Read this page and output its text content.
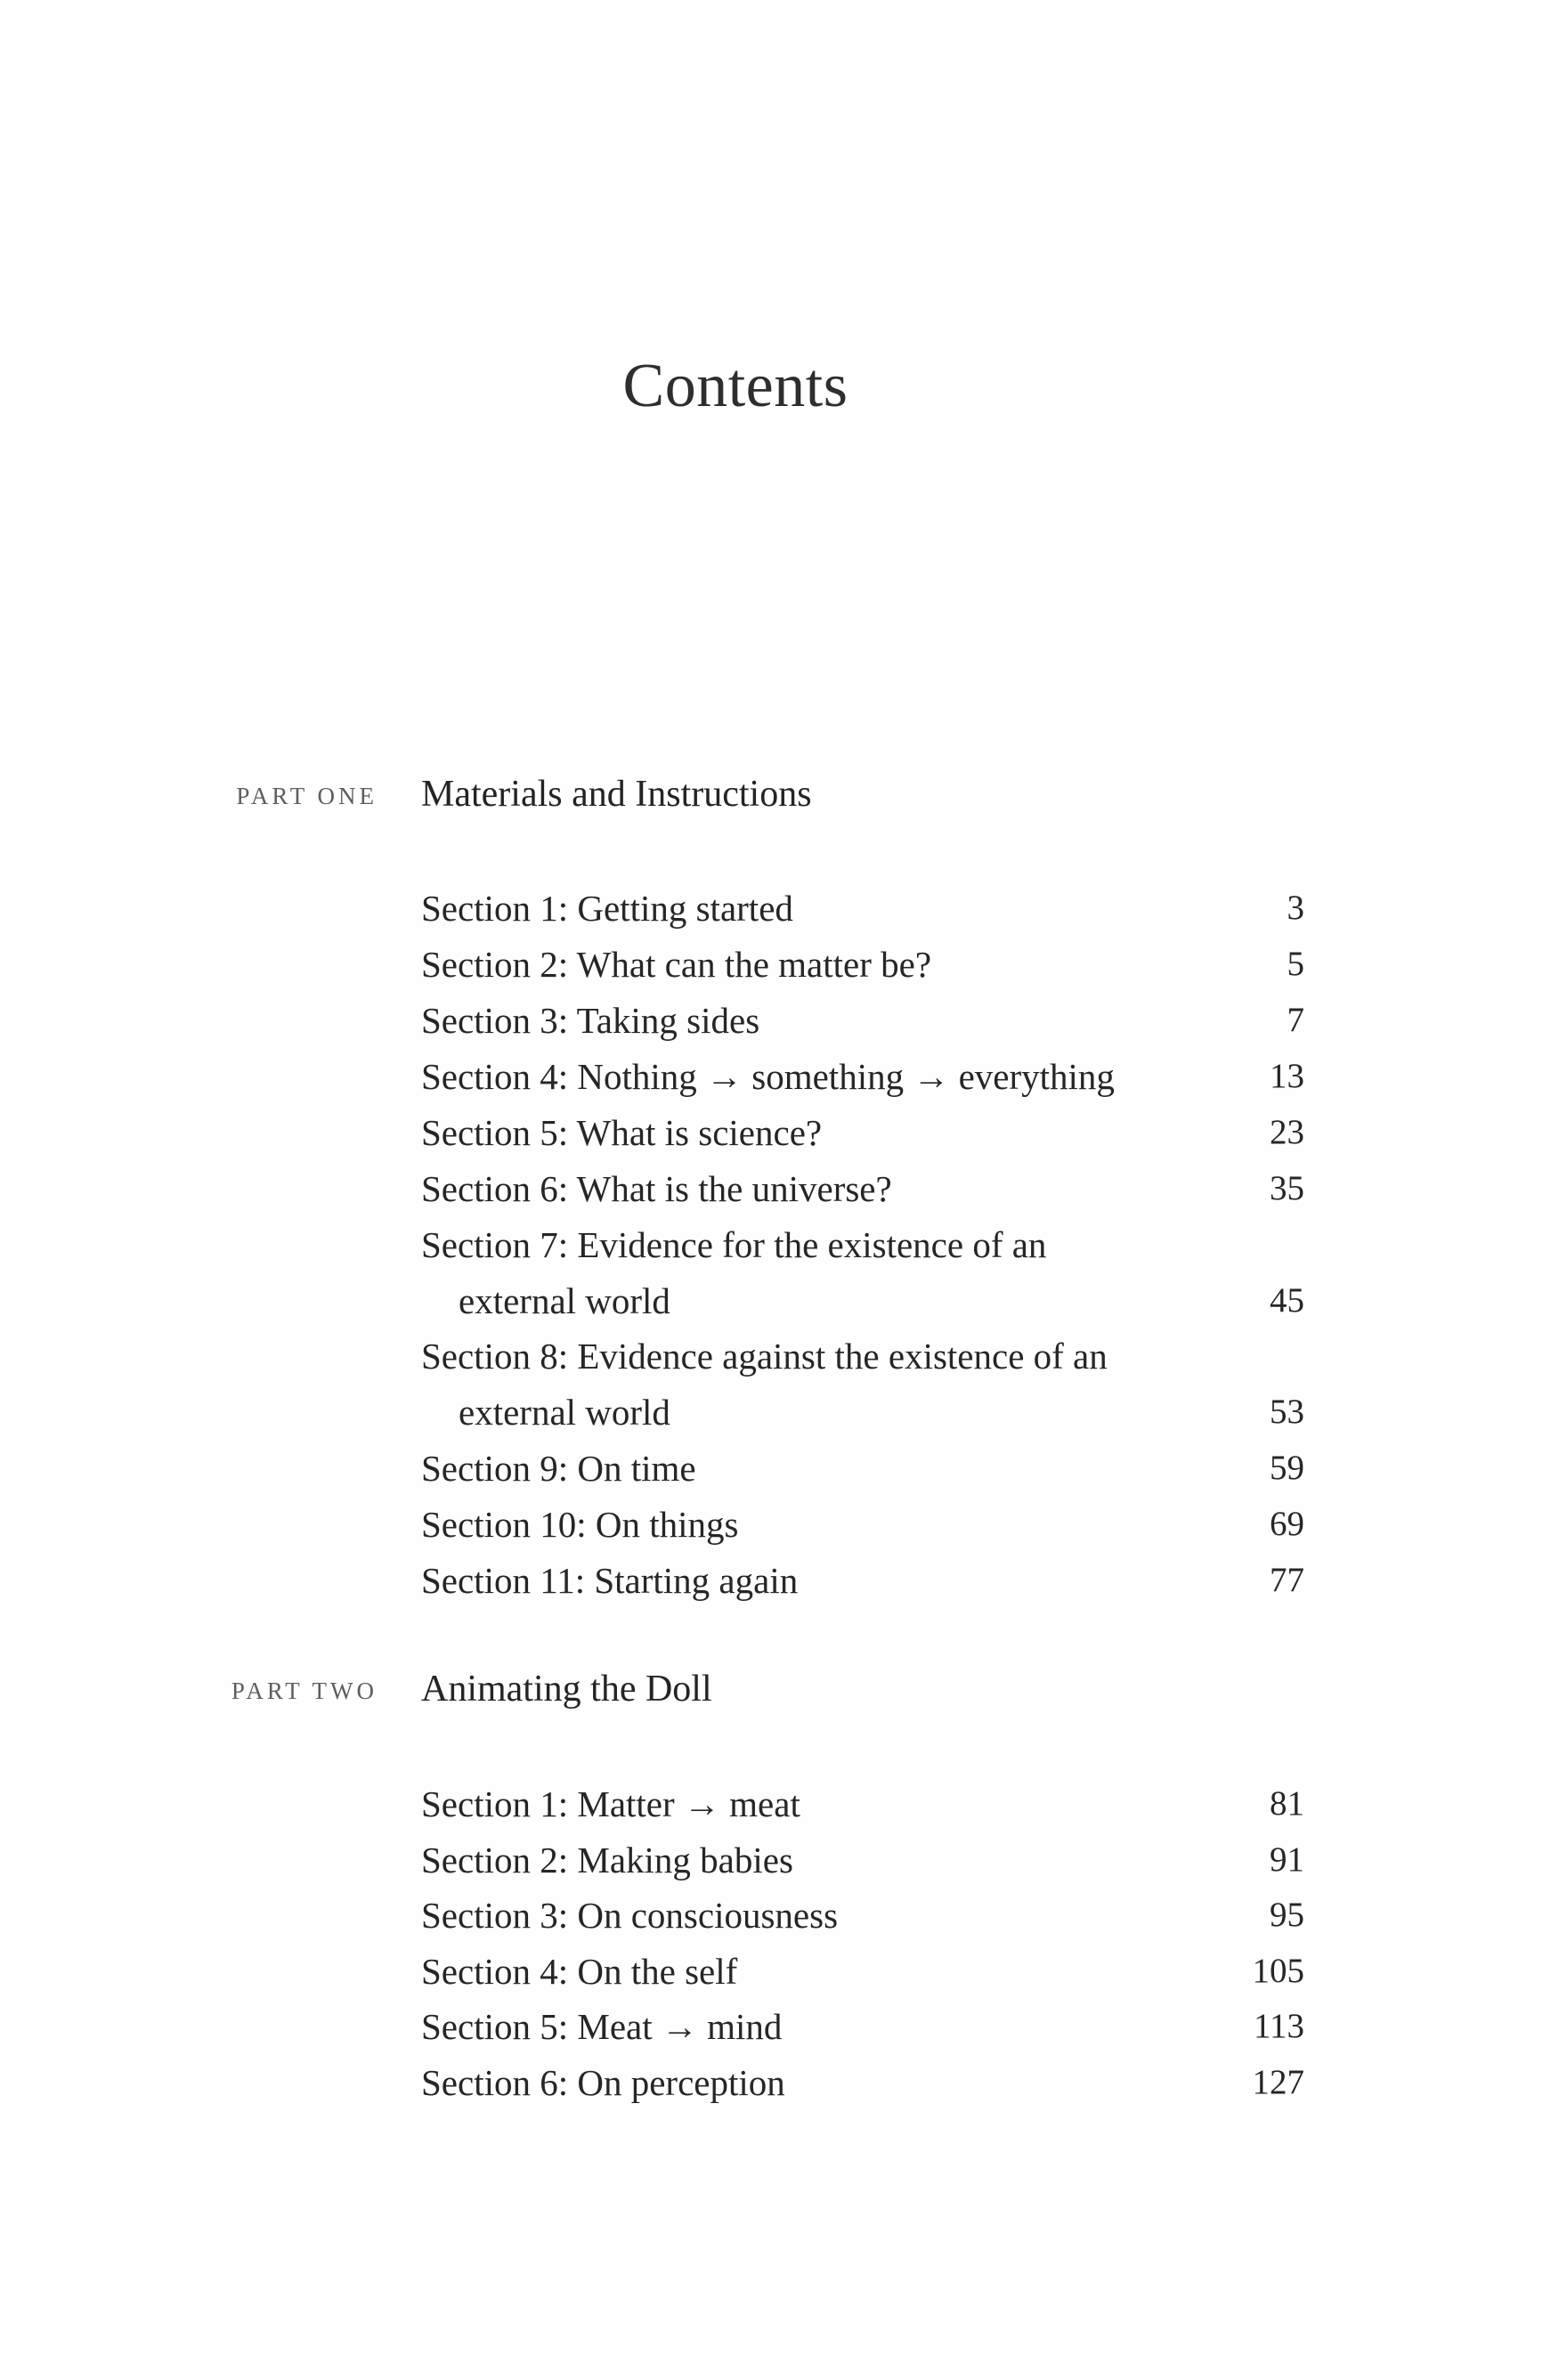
Contents
PART ONE Materials and Instructions
Section 1: Getting started	3
Section 2: What can the matter be?	5
Section 3: Taking sides	7
Section 4: Nothing → something → everything	13
Section 5: What is science?	23
Section 6: What is the universe?	35
Section 7: Evidence for the existence of an
external world	45
Section 8: Evidence against the existence of an
external world	53
Section 9: On time	59
Section 10: On things	69
Section 11: Starting again	77
PART TWO Animating the Doll
Section 1: Matter → meat	81
Section 2: Making babies	91
Section 3: On consciousness	95
Section 4: On the self	105
Section 5: Meat → mind	113
Section 6: On perception	127
